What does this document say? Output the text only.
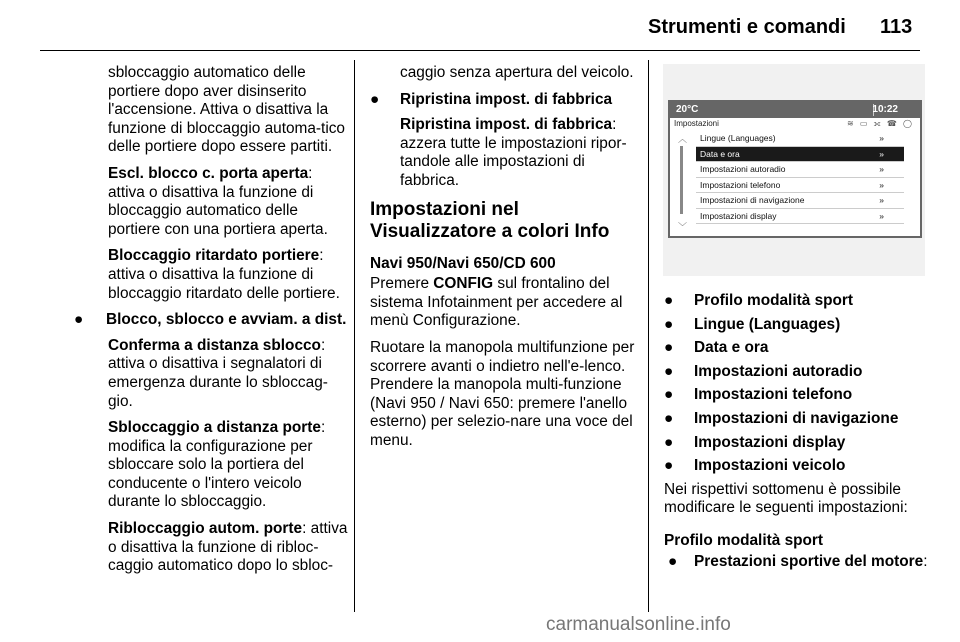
Strumenti e comandi 113

sbloccaggio automatico delle portiere dopo aver disinserito l'accensione. Attiva o disattiva la funzione di bloccaggio automa-tico delle portiere dopo essere partiti.

Escl. blocco c. porta aperta: attiva o disattiva la funzione di bloccaggio automatico delle portiere con una portiera aperta.

Bloccaggio ritardato portiere: attiva o disattiva la funzione di bloccaggio ritardato delle portiere.

● Blocco, sblocco e avviam. a dist.

Conferma a distanza sblocco: attiva o disattiva i segnalatori di emergenza durante lo sbloccag-gio.

Sbloccaggio a distanza porte: modifica la configurazione per sbloccare solo la portiera del conducente o l'intero veicolo durante lo sbloccaggio.

Ribloccaggio autom. porte: attiva o disattiva la funzione di ribloc-caggio automatico dopo lo sbloc-

caggio senza apertura del veicolo.

● Ripristina impost. di fabbrica

Ripristina impost. di fabbrica: azzera tutte le impostazioni ripor-tandole alle impostazioni di fabbrica.

Impostazioni nel Visualizzatore a colori Info
Navi 950/Navi 650/CD 600

Premere CONFIG sul frontalino del sistema Infotainment per accedere al menù Configurazione.

Ruotare la manopola multifunzione per scorrere avanti o indietro nell'e-lenco. Prendere la manopola multi-funzione (Navi 950 / Navi 650: premere l'anello esterno) per selezio-nare una voce del menu.

20°C	10:22
Impostazioni	≋ ▭ ⟗ ☎ ◯
︿
﹀
Lingue (Languages)	»
Data e ora	»
Impostazioni autoradio	»
Impostazioni telefono	»
Impostazioni di navigazione	»
Impostazioni display	»
● Profilo modalità sport
● Lingue (Languages)
● Data e ora
● Impostazioni autoradio
● Impostazioni telefono
● Impostazioni di navigazione
● Impostazioni display
● Impostazioni veicolo

Nei rispettivi sottomenu è possibile modificare le seguenti impostazioni:

Profilo modalità sport
● Prestazioni sportive del motore:
carmanualsonline.info
